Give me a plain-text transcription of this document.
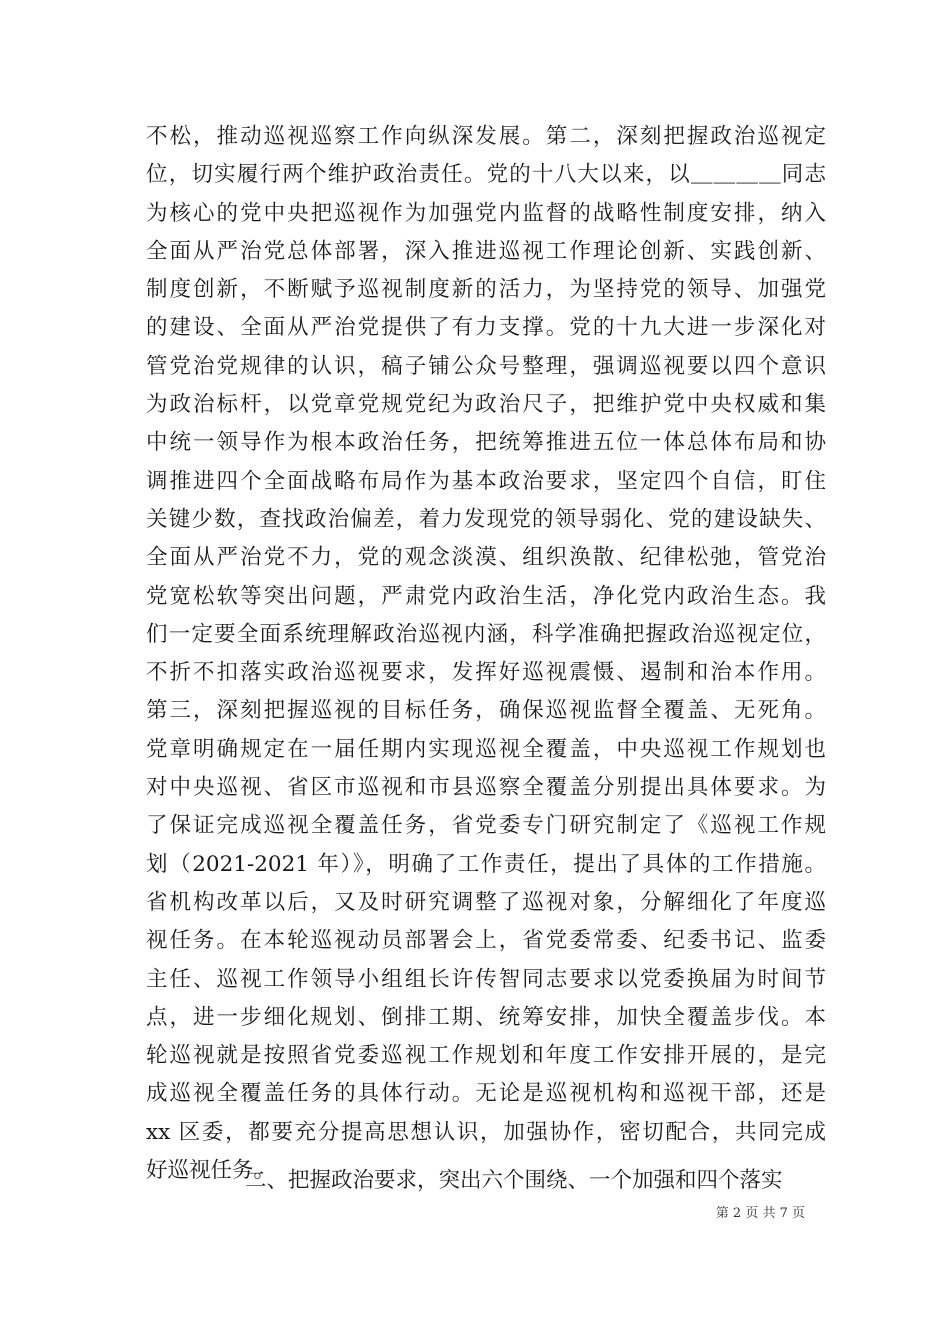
不松，推动巡视巡察工作向纵深发展。第二，深刻把握政治巡视定
位，切实履行两个维护政治责任。党的十八大以来，以＿＿＿＿同志
为核心的党中央把巡视作为加强党内监督的战略性制度安排，纳入
全面从严治党总体部署，深入推进巡视工作理论创新、实践创新、
制度创新，不断赋予巡视制度新的活力，为坚持党的领导、加强党
的建设、全面从严治党提供了有力支撑。党的十九大进一步深化对
管党治党规律的认识，稿子铺公众号整理，强调巡视要以四个意识
为政治标杆，以党章党规党纪为政治尺子，把维护党中央权威和集
中统一领导作为根本政治任务，把统筹推进五位一体总体布局和协
调推进四个全面战略布局作为基本政治要求，坚定四个自信，盯住
关键少数，查找政治偏差，着力发现党的领导弱化、党的建设缺失、
全面从严治党不力，党的观念淡漠、组织涣散、纪律松弛，管党治
党宽松软等突出问题，严肃党内政治生活，净化党内政治生态。我
们一定要全面系统理解政治巡视内涵，科学准确把握政治巡视定位，
不折不扣落实政治巡视要求，发挥好巡视震慑、遏制和治本作用。
第三，深刻把握巡视的目标任务，确保巡视监督全覆盖、无死角。
党章明确规定在一届任期内实现巡视全覆盖，中央巡视工作规划也
对中央巡视、省区市巡视和市县巡察全覆盖分别提出具体要求。为
了保证完成巡视全覆盖任务，省党委专门研究制定了《巡视工作规
划（2021-2021 年）》，明确了工作责任，提出了具体的工作措施。
省机构改革以后，又及时研究调整了巡视对象，分解细化了年度巡
视任务。在本轮巡视动员部署会上，省党委常委、纪委书记、监委
主任、巡视工作领导小组组长许传智同志要求以党委换届为时间节
点，进一步细化规划、倒排工期、统筹安排，加快全覆盖步伐。本
轮巡视就是按照省党委巡视工作规划和年度工作安排开展的，是完
成巡视全覆盖任务的具体行动。无论是巡视机构和巡视干部，还是
xx 区委，都要充分提高思想认识，加强协作，密切配合，共同完成
好巡视任务。
二、把握政治要求，突出六个围绕、一个加强和四个落实
第 2 页 共 7 页
